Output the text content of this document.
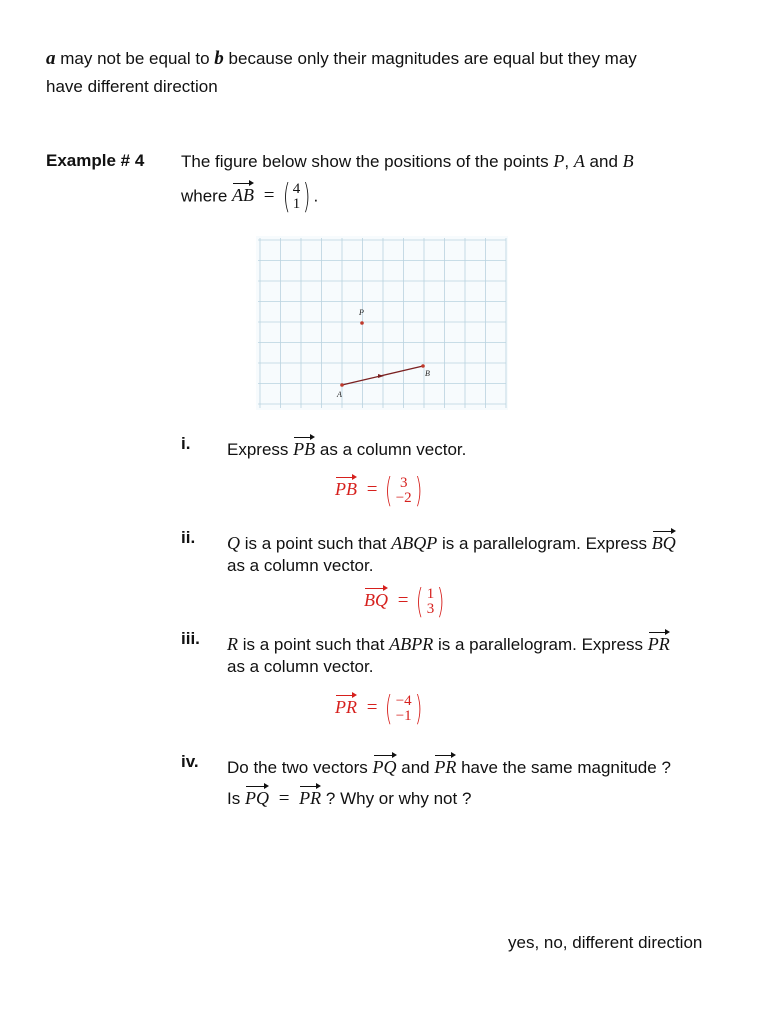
a may not be equal to b because only their magnitudes are equal but they may
have different direction
Example # 4 The figure below show the positions of the points P, A and B
where AB = ( 4
1 ) .
P
A
B
i. Express PB as a column vector.
PB = ( 3
−2 )
ii. Q is a point such that ABQP is a parallelogram. Express BQ
as a column vector.
BQ = ( 1
3 )
iii. R is a point such that ABPR is a parallelogram. Express PR
as a column vector.
PR = ( −4
−1 )
iv. Do the two vectors PQ and PR have the same magnitude ?
Is PQ = PR ? Why or why not ?
yes, no, different direction
